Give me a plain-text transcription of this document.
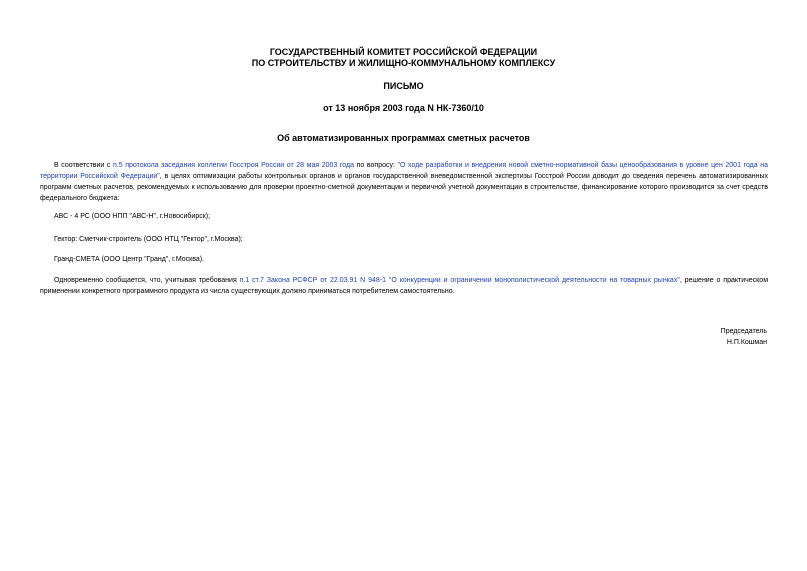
ГОСУДАРСТВЕННЫЙ КОМИТЕТ РОССИЙСКОЙ ФЕДЕРАЦИИ
ПО СТРОИТЕЛЬСТВУ И ЖИЛИЩНО-КОММУНАЛЬНОМУ КОМПЛЕКСУ
ПИСЬМО
от 13 ноября 2003 года N НК-7360/10
Об автоматизированных программах сметных расчетов
В соответствии с п.5 протокола заседания коллегии Госстроя России от 28 мая 2003 года по вопросу: "О ходе разработки и внедрения новой сметно-нормативной базы ценообразования в уровне цен 2001 года на территории Российской Федерации", в целях оптимизации работы контрольных органов и органов государственной вневедомственной экспертизы Госстрой России доводит до сведения перечень автоматизированных программ сметных расчетов, рекомендуемых к использованию для проверки проектно-сметной документации и первичной учетной документации в строительстве, финансирование которого производится за счет средств федерального бюджета:
АВС - 4 РС (ООО НПП "АВС-Н", г.Новосибирск);
Гектор: Сметчик-строитель (ООО НТЦ "Гектор", г.Москва);
Гранд-СМЕТА (ООО Центр "Гранд", г.Москва).
Одновременно сообщается, что, учитывая требования п.1 ст.7 Закона РСФСР от 22.03.91 N 948-1 "О конкуренции и ограничении монополистической деятельности на товарных рынках", решение о практическом применении конкретного программного продукта из числа существующих должно приниматься потребителем самостоятельно.
Председатель
Н.П.Кошман
